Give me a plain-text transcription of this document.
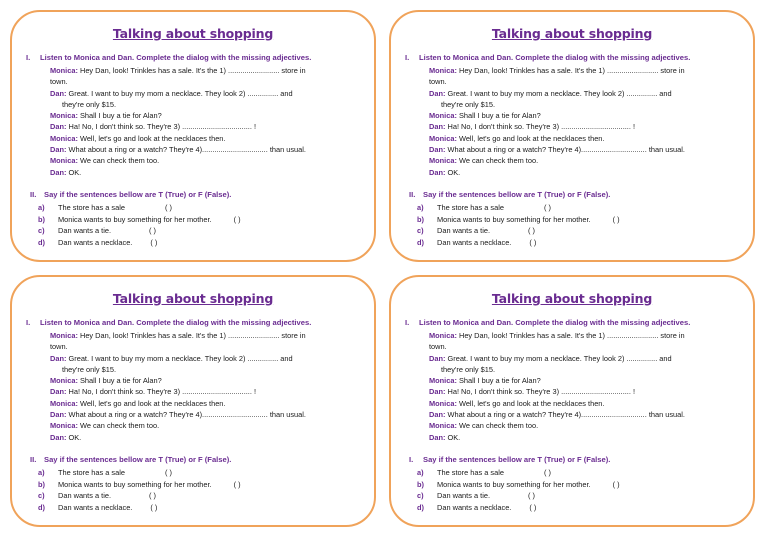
Talking about shopping
I. Listen to Monica and Dan. Complete the dialog with the missing adjectives.
Monica: Hey Dan, look! Trinkles has a sale. It's the 1) ......................... store in
town.
Dan: Great. I want to buy my mom a necklace. They look 2) ............... and
they're only $15.
Monica: Shall I buy a tie for Alan?
Dan: Ha! No, I don't think so. They're 3) .................................. !
Monica: Well, let's go and look at the necklaces then.
Dan: What about a ring or a watch? They're 4)................................ than usual.
Monica: We can check them too.
Dan: OK.
II. Say if the sentences bellow are T (True) or F (False).
a) The store has a sale	( )
b) Monica wants to buy something for her mother.	( )
c) Dan wants a tie.	( )
d) Dan wants a necklace. ( )
Talking about shopping
I. Listen to Monica and Dan. Complete the dialog with the missing adjectives.
Monica: Hey Dan, look! Trinkles has a sale. It's the 1) ......................... store in
town.
Dan: Great. I want to buy my mom a necklace. They look 2) ............... and
they're only $15.
Monica: Shall I buy a tie for Alan?
Dan: Ha! No, I don't think so. They're 3) .................................. !
Monica: Well, let's go and look at the necklaces then.
Dan: What about a ring or a watch? They're 4)................................ than usual.
Monica: We can check them too.
Dan: OK.
II. Say if the sentences bellow are T (True) or F (False).
a) The store has a sale	( )
b) Monica wants to buy something for her mother.	( )
c) Dan wants a tie.	( )
d) Dan wants a necklace. ( )
Talking about shopping
I. Listen to Monica and Dan. Complete the dialog with the missing adjectives.
Monica: Hey Dan, look! Trinkles has a sale. It's the 1) ......................... store in
town.
Dan: Great. I want to buy my mom a necklace. They look 2) ............... and
they're only $15.
Monica: Shall I buy a tie for Alan?
Dan: Ha! No, I don't think so. They're 3) .................................. !
Monica: Well, let's go and look at the necklaces then.
Dan: What about a ring or a watch? They're 4)................................ than usual.
Monica: We can check them too.
Dan: OK.
II. Say if the sentences bellow are T (True) or F (False).
a) The store has a sale	( )
b) Monica wants to buy something for her mother.	( )
c) Dan wants a tie.	( )
d) Dan wants a necklace. ( )
Talking about shopping
I. Listen to Monica and Dan. Complete the dialog with the missing adjectives.
Monica: Hey Dan, look! Trinkles has a sale. It's the 1) ......................... store in
town.
Dan: Great. I want to buy my mom a necklace. They look 2) ............... and
they're only $15.
Monica: Shall I buy a tie for Alan?
Dan: Ha! No, I don't think so. They're 3) .................................. !
Monica: Well, let's go and look at the necklaces then.
Dan: What about a ring or a watch? They're 4)................................ than usual.
Monica: We can check them too.
Dan: OK.
I. Say if the sentences bellow are T (True) or F (False).
a) The store has a sale	( )
b) Monica wants to buy something for her mother.	( )
c) Dan wants a tie.	( )
d) Dan wants a necklace. ( )
